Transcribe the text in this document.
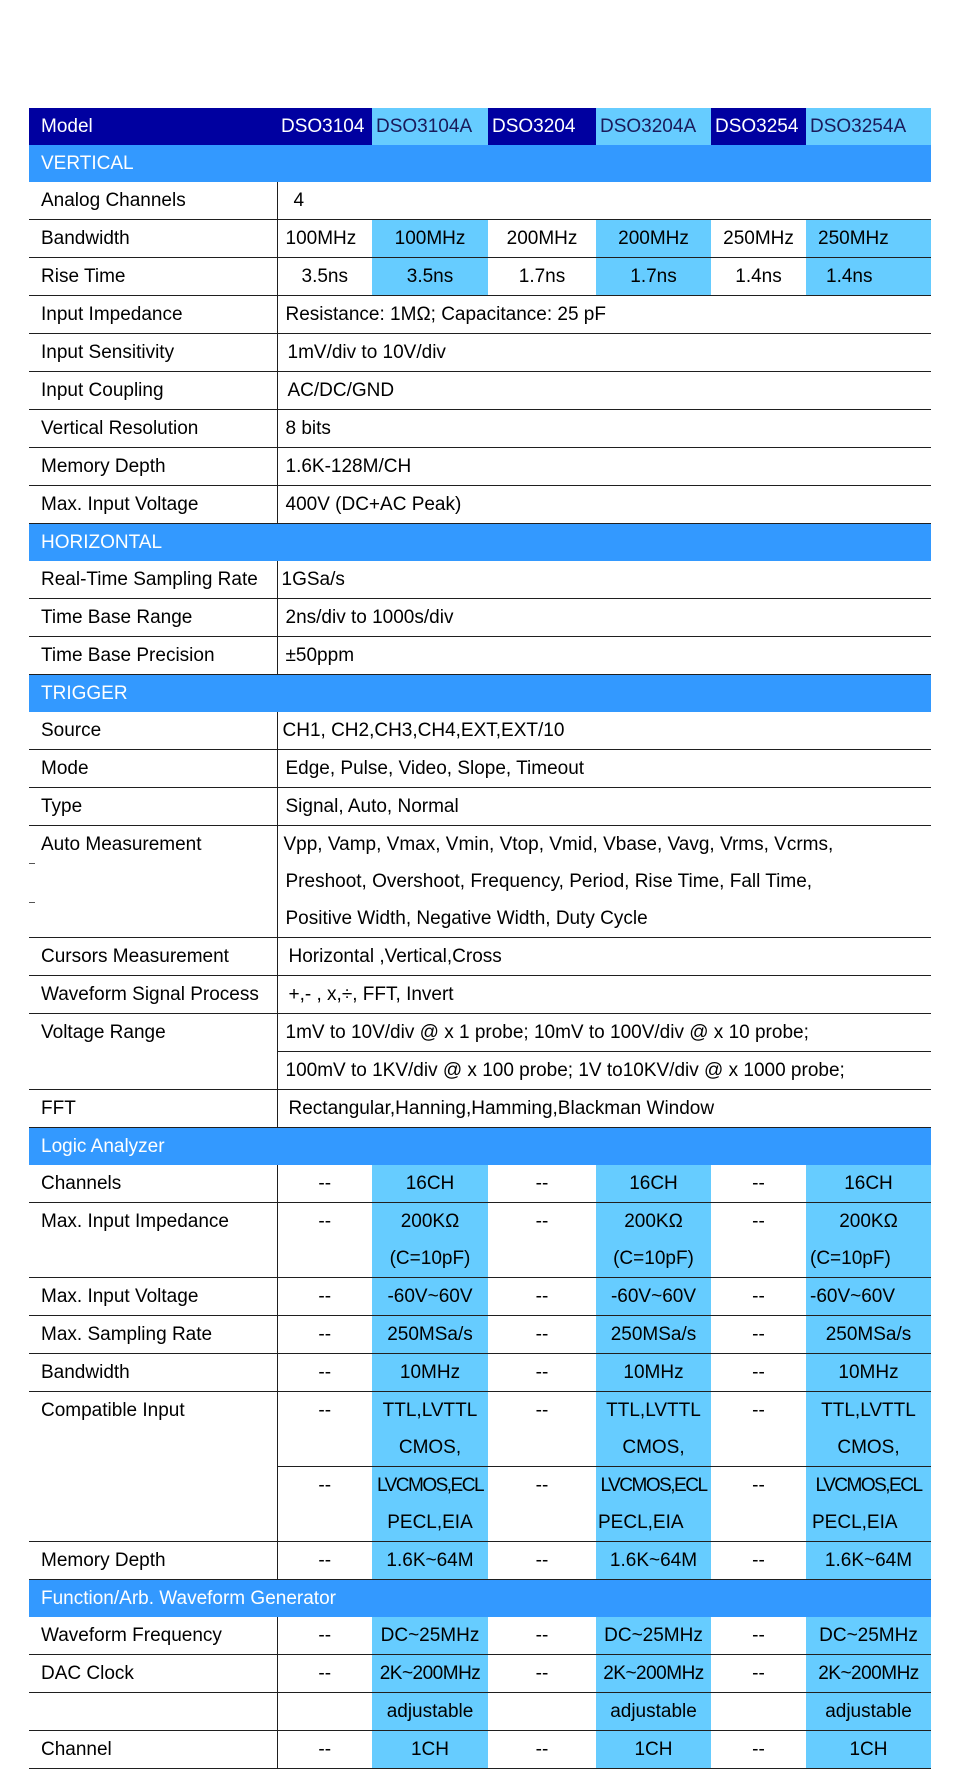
Model	DSO3104	DSO3104A	DSO3204	DSO3204A	DSO3254	DSO3254A
VERTICAL						
Analog Channels	4					
Bandwidth	100MHz	100MHz	200MHz	200MHz	250MHz	250MHz
Rise Time	3.5ns	3.5ns	1.7ns	1.7ns	1.4ns	1.4ns
Input Impedance	Resistance: 1MΩ; Capacitance: 25 pF					
Input Sensitivity	1mV/div to 10V/div					
Input Coupling	AC/DC/GND					
Vertical Resolution	8 bits					
Memory Depth	1.6K-128M/CH					
Max. Input Voltage	400V (DC+AC Peak)					
HORIZONTAL						
Real-Time Sampling Rate	1GSa/s					
Time Base Range	2ns/div to 1000s/div					
Time Base Precision	±50ppm					
TRIGGER						
Source	CH1, CH2,CH3,CH4,EXT,EXT/10					
Mode	Edge, Pulse, Video, Slope, Timeout					
Type	Signal, Auto, Normal					
Auto Measurement	Vpp, Vamp, Vmax, Vmin, Vtop, Vmid, Vbase, Vavg, Vrms, Vcrms,					
	Preshoot, Overshoot, Frequency, Period, Rise Time, Fall Time,					
	Positive Width, Negative Width, Duty Cycle					
Cursors Measurement	Horizontal ,Vertical,Cross					
Waveform Signal Process	+,- , x,÷, FFT, Invert					
Voltage Range	1mV to 10V/div @ x 1 probe; 10mV to 100V/div @ x 10 probe;					
	100mV to 1KV/div @ x 100 probe; 1V to10KV/div @ x 1000 probe;					
FFT	Rectangular,Hanning,Hamming,Blackman Window					
Logic Analyzer						
Channels	--	16CH	--	16CH	--	16CH
Max. Input Impedance	--	200KΩ	--	200KΩ	--	200KΩ
		(C=10pF)		(C=10pF)		(C=10pF)
Max. Input Voltage	--	-60V~60V	--	-60V~60V	--	-60V~60V
Max. Sampling Rate	--	250MSa/s	--	250MSa/s	--	250MSa/s
Bandwidth	--	10MHz	--	10MHz	--	10MHz
Compatible Input	--	TTL,LVTTL	--	TTL,LVTTL	--	TTL,LVTTL
		CMOS,		CMOS,		CMOS,
	--	LVCMOS,ECL	--	LVCMOS,ECL	--	LVCMOS,ECL
		PECL,EIA		PECL,EIA		PECL,EIA
Memory Depth	--	1.6K~64M	--	1.6K~64M	--	1.6K~64M
Function/Arb. Waveform Generator						
Waveform Frequency	--	DC~25MHz	--	DC~25MHz	--	DC~25MHz
DAC Clock	--	2K~200MHz	--	2K~200MHz	--	2K~200MHz
		adjustable		adjustable		adjustable
Channel	--	1CH	--	1CH	--	1CH
